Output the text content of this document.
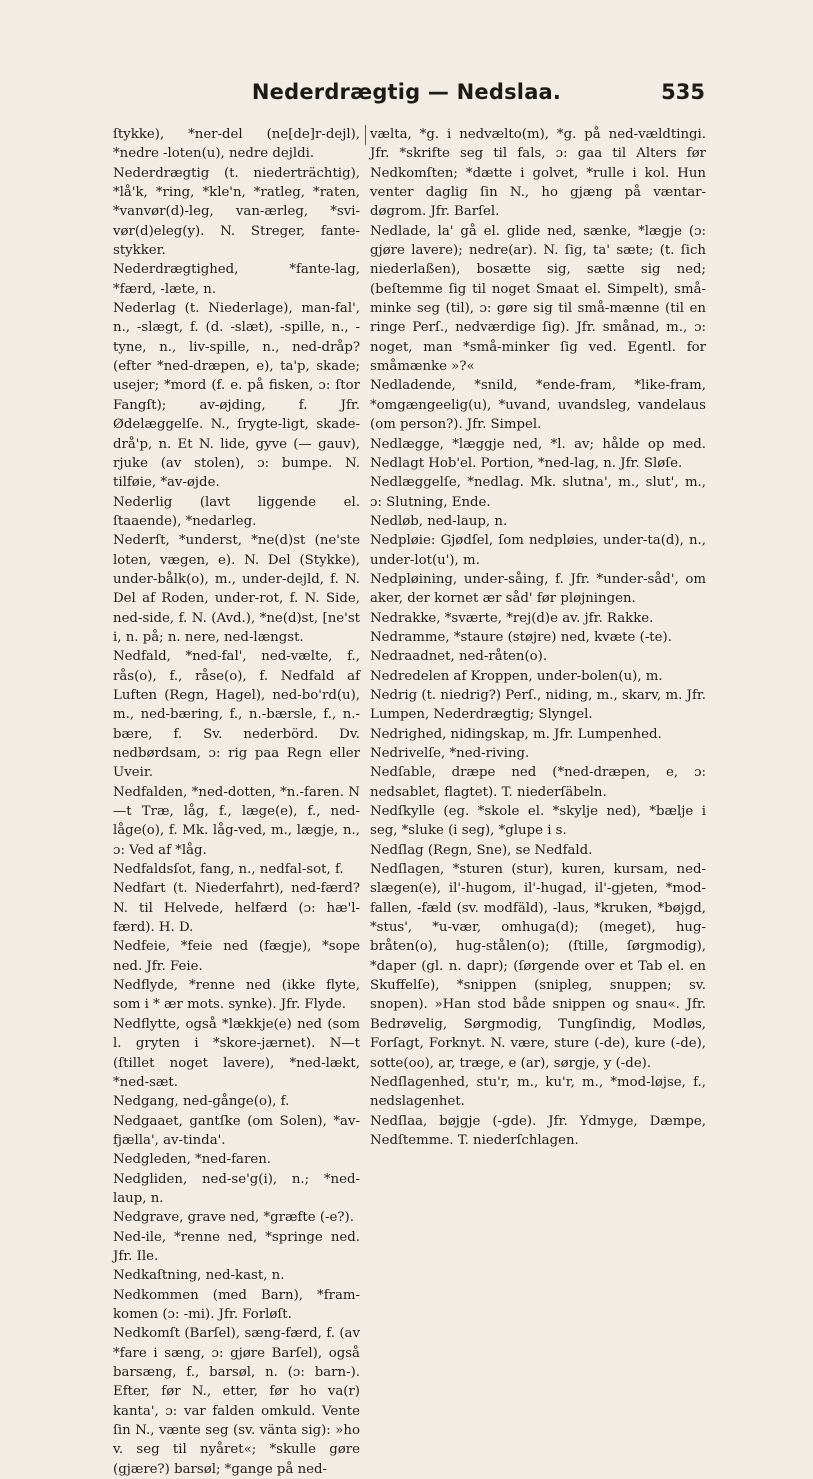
Nederdrægtig — Nedslaa.	535

ſtykke), *ner-del (ne[de]r-dejl), *nedre -loten(u), nedre dejldi.

Nederdrægtig (t. niederträchtig), *lå'k, *ring, *kle'n, *ratleg, *raten, *vanvør(d)-leg, van-ærleg, *svi-vør(d)eleg(y). N. Streger, fante-stykker.

Nederdrægtighed, *fante-lag, *færd, -læte, n.

Nederlag (t. Niederlage), man-fal', n., -slægt, f. (d. -slæt), -spille, n., -tyne, n., liv-spille, n., ned-dråp? (efter *ned-dræpen, e), ta'p, skade; usejer; *mord (f. e. på fisken, ɔ: ſtor Fangſt); av-øjding, f. Jfr. Ødelæggelſe. N., ſrygte-ligt, skade-drå'p, n. Et N. lide, gyve (— gauv), rjuke (av stolen), ɔ: bumpe. N. tilføie, *av-øjde.

Nederlig (lavt liggende el. ſtaaende), *nedarleg.

Nederſt, *underst, *ne(d)st (ne'ste loten, vægen, e). N. Del (Stykke), under-bålk(o), m., under-dejld, f. N. Del af Roden, under-rot, f. N. Side, ned-side, f. N. (Avd.), *ne(d)st, [ne'st i, n. på; n. nere, ned-længst.

Nedfald, *ned-fal', ned-vælte, f., rås(o), f., råse(o), f. Nedfald af Luften (Regn, Hagel), ned-bo'rd(u), m., ned-bæring, f., n.-bærsle, f., n.-bære, f. Sv. nederbörd. Dv. nedbørdsam, ɔ: rig paa Regn eller Uveir.

Nedfalden, *ned-dotten, *n.-faren. N—t Træ, låg, f., læge(e), f., ned-låge(o), f. Mk. låg-ved, m., lægje, n., ɔ: Ved af *låg.

Nedfaldsſot, fang, n., nedfal-sot, f.

Nedfart (t. Niederfahrt), ned-færd? N. til Helvede, helfærd (ɔ: hæ'l-færd). H. D.

Nedfeie, *feie ned (fægje), *sope ned. Jfr. Feie.

Nedflyde, *renne ned (ikke flyte, som i * ær mots. synke). Jfr. Flyde.

Nedflytte, også *lækkje(e) ned (som l. gryten i *skore-jærnet). N—t (ſtillet noget lavere), *ned-lækt, *ned-sæt.

Nedgang, ned-gånge(o), f.

Nedgaaet, gantſke (om Solen), *av-fjælla', av-tinda'.

Nedgleden, *ned-faren.

Nedgliden, ned-se'g(i), n.; *ned-laup, n.

Nedgrave, grave ned, *græfte (-e?).

Ned-ile, *renne ned, *springe ned. Jfr. Ile.

Nedkaſtning, ned-kast, n.

Nedkommen (med Barn), *fram-komen (ɔ: -mi). Jfr. Forløſt.

Nedkomſt (Barſel), sæng-færd, f. (av *fare i sæng, ɔ: gjøre Barſel), også barsæng, f., barsøl, n. (ɔ: barn-). Efter, før N., etter, før ho va(r) kanta', ɔ: var falden omkuld. Vente ſin N., vænte seg (sv. vänta sig): »ho v. seg til nyåret«; *skulle gøre (gjære?) barsøl; *gange på ned-

vælta, *g. i nedvælto(m), *g. på ned-vældtingi. Jfr. *skrifte seg til fals, ɔ: gaa til Alters før Nedkomſten; *dætte i golvet, *rulle i kol. Hun venter daglig ſin N., ho gjæng på væntar-døgrom. Jfr. Barſel.

Nedlade, la' gå el. glide ned, sænke, *lægje (ɔ: gjøre lavere); nedre(ar). N. ſig, ta' sæte; (t. ſich niederlaßen), bosætte sig, sætte sig ned; (beſtemme ſig til noget Smaat el. Simpelt), små-minke seg (til), ɔ: gøre sig til små-mænne (til en ringe Perſ., nedværdige ſig). Jfr. smånad, m., ɔ: noget, man *små-minker ſig ved. Egentl. for småmænke »?«

Nedladende, *snild, *ende-fram, *like-fram, *omgængeelig(u), *uvand, uvandsleg, vandelaus (om person?). Jfr. Simpel.

Nedlægge, *læggje ned, *l. av; hålde op med. Nedlagt Hob'el. Portion, *ned-lag, n. Jfr. Sløſe.

Nedlæggelſe, *nedlag. Mk. slutna', m., slut', m., ɔ: Slutning, Ende.

Nedløb, ned-laup, n.

Nedpløie: Gjødſel, ſom nedpløies, under-ta(d), n., under-lot(u'), m.

Nedpløining, under-såing, f. Jfr. *under-såd', om aker, der kornet ær såd' før pløjningen.

Nedrakke, *sværte, *rej(d)e av. jfr. Rakke.

Nedramme, *staure (støjre) ned, kvæte (-te).

Nedraadnet, ned-råten(o).

Nedredelen af Kroppen, under-bolen(u), m.

Nedrig (t. niedrig?) Perſ., niding, m., skarv, m. Jfr. Lumpen, Nederdrægtig; Slyngel.

Nedrighed, nidingskap, m. Jfr. Lumpenhed.

Nedrivelſe, *ned-riving.

Nedſable, dræpe ned (*ned-dræpen, e, ɔ: nedsablet, flagtet). T. niederſäbeln.

Nedſkylle (eg. *skole el. *skylje ned), *bælje i seg, *sluke (i seg), *glupe i s.

Nedſlag (Regn, Sne), se Nedfald.

Nedſlagen, *sturen (stur), kuren, kursam, ned-slægen(e), il'-hugom, il'-hugad, il'-gjeten, *mod-fallen, -fæld (sv. modfäld), -laus, *kruken, *bøjgd, *stus', *u-vær, omhuga(d); (meget), hug-bråten(o), hug-stålen(o); (ſtille, ſørgmodig), *daper (gl. n. dapr); (ſørgende over et Tab el. en Skuffelſe), *snippen (snipleg, snuppen; sv. snopen). »Han stod både snippen og snau«. Jfr. Bedrøvelig, Sørgmodig, Tungſindig, Modløs, Forſagt, Forknyt. N. være, sture (-de), kure (-de), sotte(oo), ar, træge, e (ar), sørgje, y (-de).

Nedſlagenhed, stu'r, m., ku'r, m., *mod-løjse, f., nedslagenhet.

Nedſlaa, bøjgje (-gde). Jfr. Ydmyge, Dæmpe, Nedſtemme. T. niederſchlagen.
